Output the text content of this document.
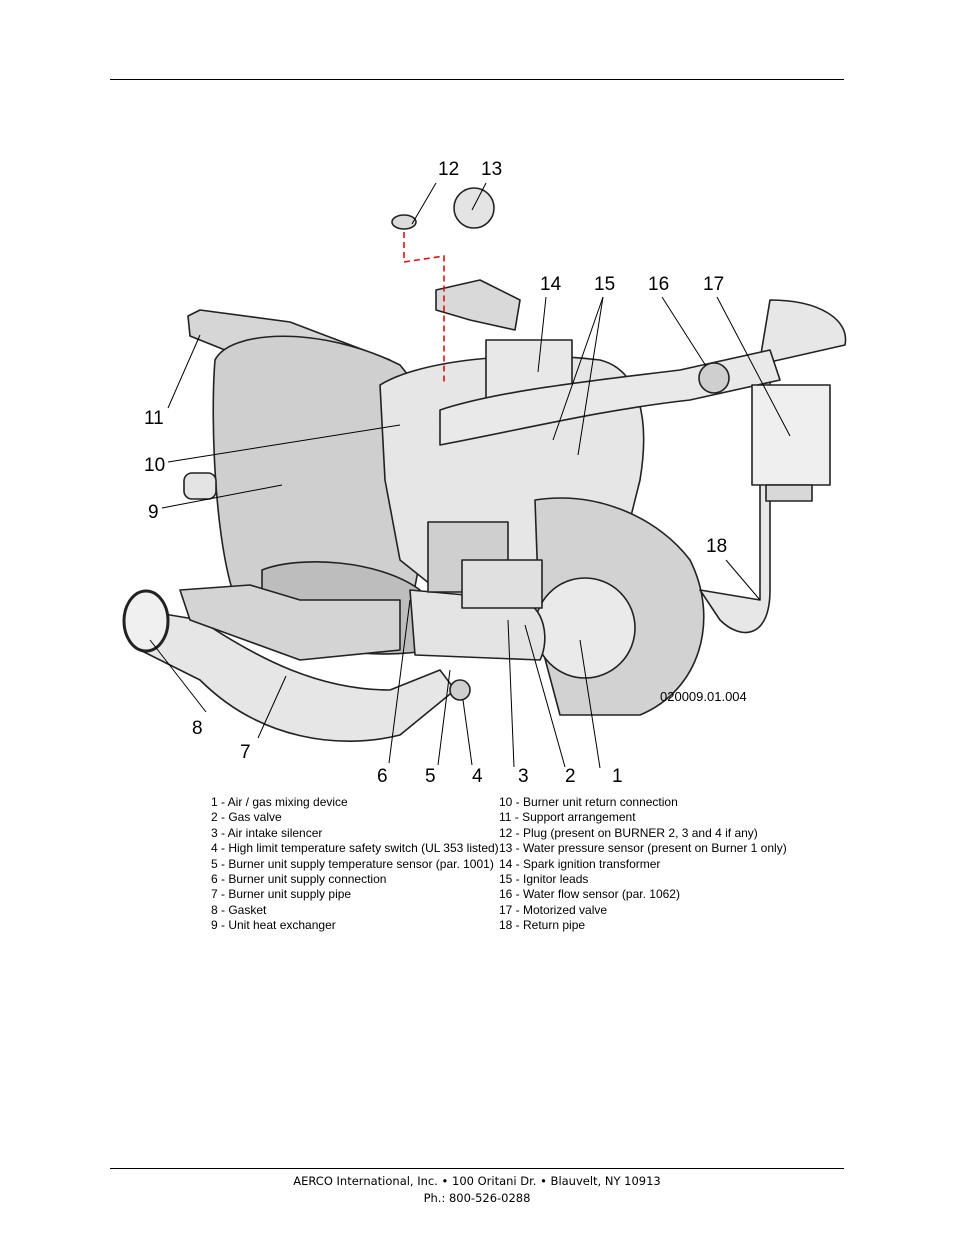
1
2
3
4
5
6
7
8
9
10
11
12 13
14 15 16 17
18
020009.01.004
1 - Air / gas mixing device
2 - Gas valve
3 - Air intake silencer
4 - High limit temperature safety switch (UL 353 listed)
5 - Burner unit supply temperature sensor (par. 1001)
6 - Burner unit supply connection
7 - Burner unit supply pipe
8 - Gasket
9 - Unit heat exchanger
10 - Burner unit return connection
11 - Support arrangement
12 - Plug (present on BURNER 2, 3 and 4 if any)
13 - Water pressure sensor (present on Burner 1 only)
14 - Spark ignition transformer
15 - Ignitor leads
16 - Water flow sensor (par. 1062)
17 - Motorized valve
18 - Return pipe
AERCO International, Inc. • 100 Oritani Dr. • Blauvelt, NY 10913
Ph.: 800-526-0288
